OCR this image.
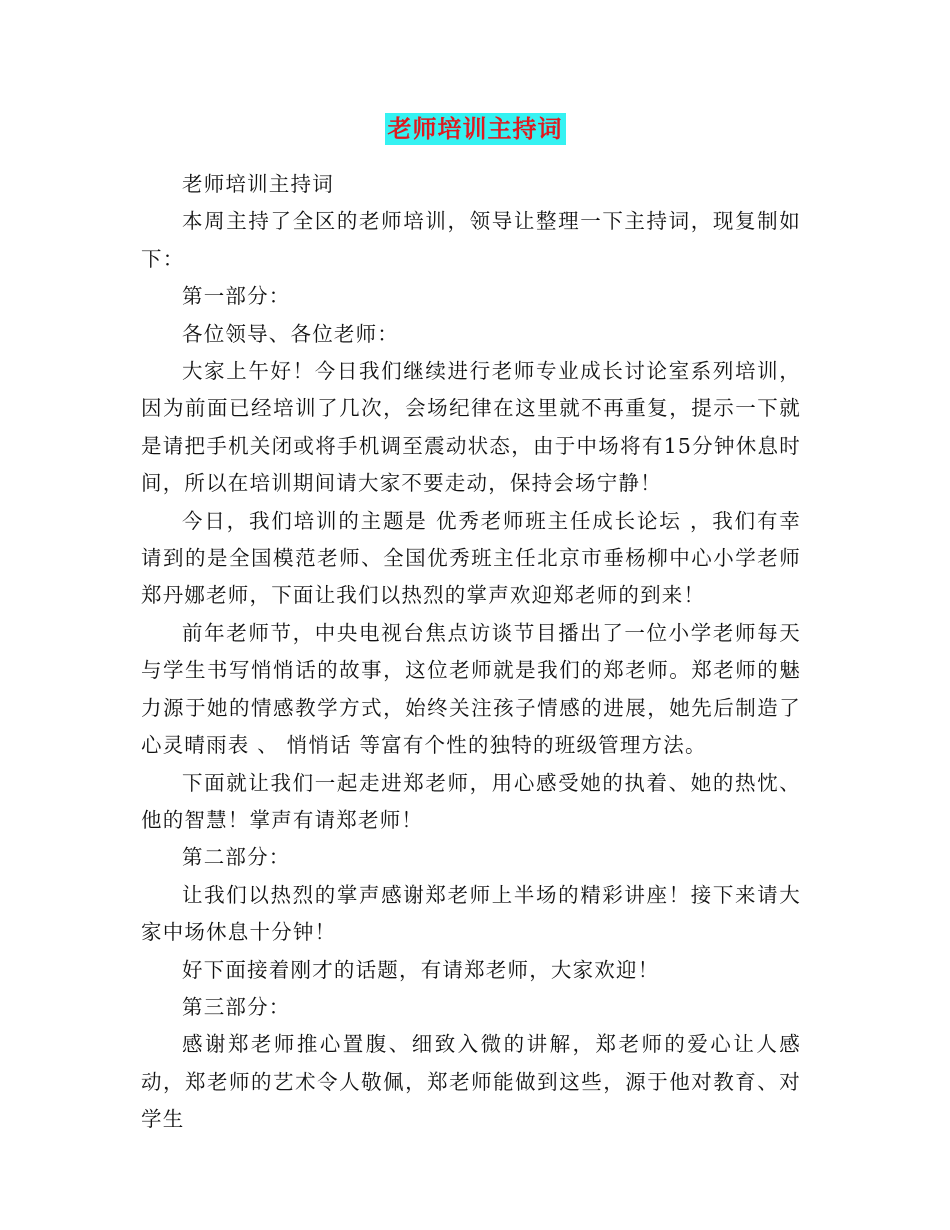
老师培训主持词

老师培训主持词

本周主持了全区的老师培训，领导让整理一下主持词，现复制如下：

第一部分：

各位领导、各位老师：

大家上午好！今日我们继续进行老师专业成长讨论室系列培训，因为前面已经培训了几次，会场纪律在这里就不再重复，提示一下就是请把手机关闭或将手机调至震动状态，由于中场将有15分钟休息时间，所以在培训期间请大家不要走动，保持会场宁静！

今日，我们培训的主题是 优秀老师班主任成长论坛 ，我们有幸请到的是全国模范老师、全国优秀班主任北京市垂杨柳中心小学老师郑丹娜老师，下面让我们以热烈的掌声欢迎郑老师的到来！

前年老师节，中央电视台焦点访谈节目播出了一位小学老师每天与学生书写悄悄话的故事，这位老师就是我们的郑老师。郑老师的魅力源于她的情感教学方式，始终关注孩子情感的进展，她先后制造了 心灵晴雨表 、 悄悄话 等富有个性的独特的班级管理方法。

下面就让我们一起走进郑老师，用心感受她的执着、她的热忱、他的智慧！掌声有请郑老师！

第二部分：

让我们以热烈的掌声感谢郑老师上半场的精彩讲座！接下来请大家中场休息十分钟！

好下面接着刚才的话题，有请郑老师，大家欢迎！

第三部分：

感谢郑老师推心置腹、细致入微的讲解，郑老师的爱心让人感动，郑老师的艺术令人敬佩，郑老师能做到这些，源于他对教育、对学生
